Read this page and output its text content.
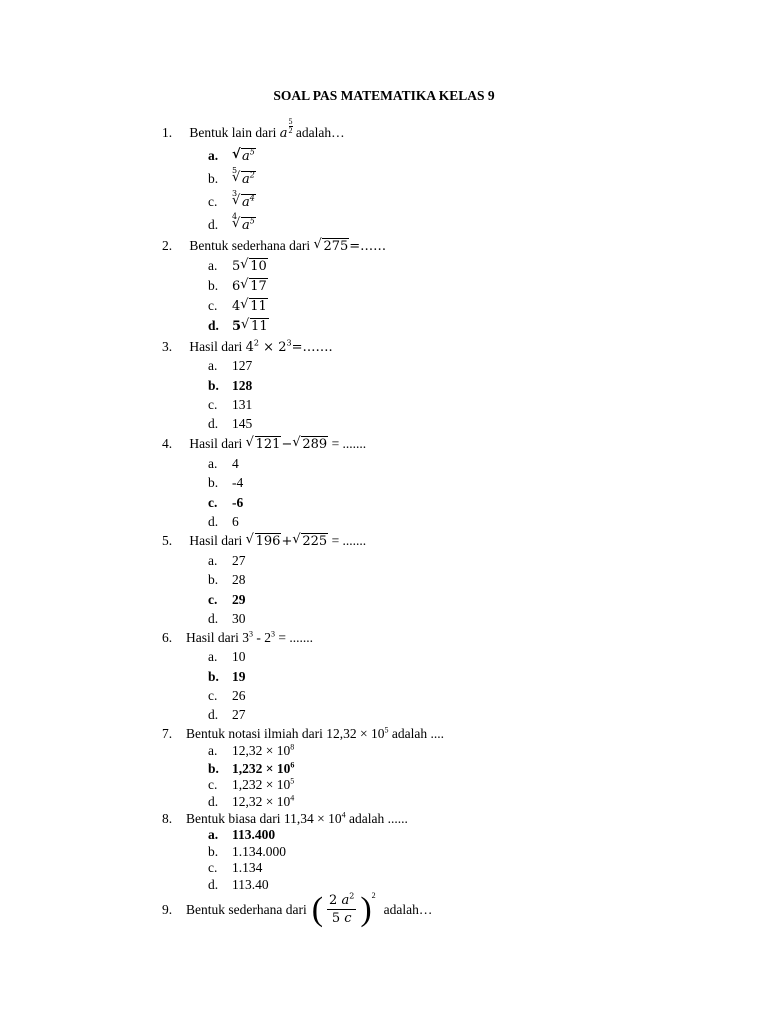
SOAL PAS MATEMATIKA KELAS 9
1. Bentuk lain dari a $\frac{5}{2}$ adalah…
a. √ $a^5$
b.
√ 5
$a^2$
c.
√ 3
$a^4$
d.
√ 4
$a^5$
2. Bentuk sederhana dari √ 275=……
a. 5 √ 10
b. 6 √ 17
c. 4 √ 11
d. 5 √ 11
3. Hasil dari $4^2$ × $2^3=\dots\dots$.
a. 127
b. 128
c. 131
d. 145
4. Hasil dari √ 121− √ 289 = .......
a. 4
b. -4
c. -6
d. 6
5. Hasil dari √ 196+ √ 225 = .......
a. 27
b. 28
c. 29
d. 30
6. Hasil dari $3^3 - 2^3$ = .......
a. 10
b. 19
c. 26
d. 27
7. Bentuk notasi ilmiah dari $12,32 \times 10^5$ adalah ....
a. $12,32 \times 10^8$
b. $1,232 \times 10^6$
c. $1,232 \times 10^5$
d. $12,32 \times 10^4$
8. Bentuk biasa dari $11,34 \times 10^4$ adalah ......
a. 113.400
b. 1.134.000
c. 1.134
d. 113.40
9.	Bentuk sederhana dari ( $\frac{2 a^2}{5 c} )^2$
adalah…
